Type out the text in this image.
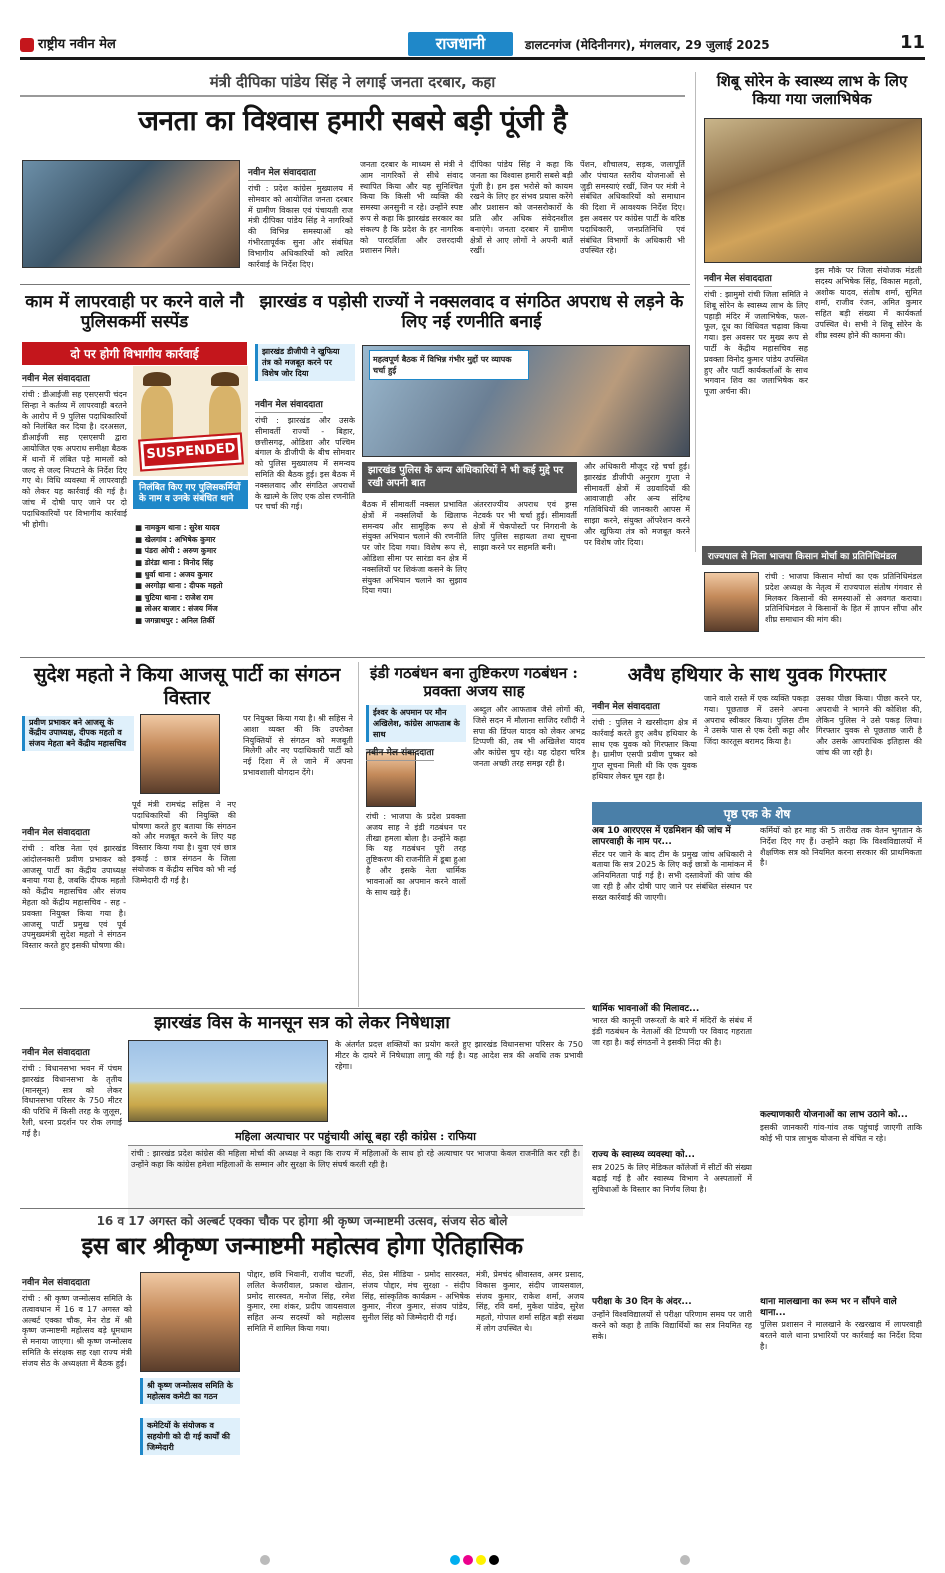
राष्ट्रीय नवीन मेल	राजधानी	डालटनगंज (मेदिनीनगर), मंगलवार, 29 जुलाई 2025	11
मंत्री दीपिका पांडेय सिंह ने लगाई जनता दरबार, कहा
जनता का विश्वास हमारी सबसे बड़ी पूंजी है
नवीन मेल संवाददाता
रांची : प्रदेश कांग्रेस मुख्यालय में सोमवार को आयोजित जनता दरबार में ग्रामीण विकास एवं पंचायती राज मंत्री दीपिका पांडेय सिंह ने नागरिकों की विभिन्न समस्याओं को गंभीरतापूर्वक सुना और संबंधित विभागीय अधिकारियों को त्वरित कार्रवाई के निर्देश दिए।
जनता दरबार के माध्यम से मंत्री ने आम नागरिकों से सीधे संवाद स्थापित किया और यह सुनिश्चित किया कि किसी भी व्यक्ति की समस्या अनसुनी न रहे। उन्होंने स्पष्ट रूप से कहा कि झारखंड सरकार का संकल्प है कि प्रदेश के हर नागरिक को पारदर्शिता और उत्तरदायी प्रशासन मिले।
दीपिका पांडेय सिंह ने कहा कि जनता का विश्वास हमारी सबसे बड़ी पूंजी है। हम इस भरोसे को कायम रखने के लिए हर संभव प्रयास करेंगे और प्रशासन को जनसरोकारों के प्रति और अधिक संवेदनशील बनाएंगे। जनता दरबार में ग्रामीण क्षेत्रों से आए लोगों ने अपनी बातें रखीं।
पेंशन, शौचालय, सड़क, जलापूर्ति और पंचायत स्तरीय योजनाओं से जुड़ी समस्याएं रखीं, जिन पर मंत्री ने संबंधित अधिकारियों को समाधान की दिशा में आवश्यक निर्देश दिए। इस अवसर पर कांग्रेस पार्टी के वरिष्ठ पदाधिकारी, जनप्रतिनिधि एवं संबंधित विभागों के अधिकारी भी उपस्थित रहे।
शिबू सोरेन के स्वास्थ्य लाभ के लिए किया गया जलाभिषेक
नवीन मेल संवाददाता
रांची : झामुमो रांची जिला समिति ने शिबू सोरेन के स्वास्थ्य लाभ के लिए पहाड़ी मंदिर में जलाभिषेक, फल-फूल, दूध का विधिवत चढ़ावा किया गया। इस अवसर पर मुख्य रूप से पार्टी के केंद्रीय महासचिव सह प्रवक्ता विनोद कुमार पांडेय उपस्थित हुए और पार्टी कार्यकर्ताओं के साथ भगवान शिव का जलाभिषेक कर पूजा अर्चना की।
इस मौके पर जिला संयोजक मंडली सदस्य अभिषेक सिंह, विकास महतो, अशोक यादव, संतोष शर्मा, सुमित शर्मा, राजीव रंजन, अमित कुमार सहित बड़ी संख्या में कार्यकर्ता उपस्थित थे। सभी ने शिबू सोरेन के शीघ्र स्वस्थ होने की कामना की।
काम में लापरवाही पर करने वाले नौ पुलिसकर्मी सस्पेंड
दो पर होगी विभागीय कार्रवाई
नवीन मेल संवाददाता
रांची : डीआईजी सह एसएसपी चंदन सिन्हा ने कर्तव्य में लापरवाही बरतने के आरोप में 9 पुलिस पदाधिकारियों को निलंबित कर दिया है। दरअसल, डीआईजी सह एसएसपी द्वारा आयोजित एक अपराध समीक्षा बैठक में थानों में लंबित पड़े मामलों को जल्द से जल्द निपटाने के निर्देश दिए गए थे। विधि व्यवस्था में लापरवाही को लेकर यह कार्रवाई की गई है। जांच में दोषी पाए जाने पर दो पदाधिकारियों पर विभागीय कार्रवाई भी होगी।
SUSPENDED
निलंबित किए गए पुलिसकर्मियों के नाम व उनके संबंधित थाने
■ नामकुम थाना : सुरेश यादव
■ खेलगांव : अभिषेक कुमार
■ पंडरा ओपी : अरुण कुमार
■ डोरंडा थाना : विनोद सिंह
■ धुर्वा थाना : अजय कुमार
■ अरगोड़ा थाना : दीपक महतो
■ चुटिया थाना : राजेश राम
■ लोअर बाजार : संजय मिंज
■ जगन्नाथपुर : अनिल तिर्की
झारखंड व पड़ोसी राज्यों ने नक्सलवाद व संगठित अपराध से लड़ने के लिए नई रणनीति बनाई
झारखंड डीजीपी ने खुफिया तंत्र को मजबूत करने पर विशेष जोर दिया
महत्वपूर्ण बैठक में विभिन्न गंभीर मुद्दों पर व्यापक चर्चा हुई
नवीन मेल संवाददाता
रांची : झारखंड और उसके सीमावर्ती राज्यों - बिहार, छत्तीसगढ़, ओडिशा और पश्चिम बंगाल के डीजीपी के बीच सोमवार को पुलिस मुख्यालय में समन्वय समिति की बैठक हुई। इस बैठक में नक्सलवाद और संगठित अपराधों के खात्मे के लिए एक ठोस रणनीति पर चर्चा की गई।
झारखंड पुलिस के अन्य अधिकारियों ने भी कई मुद्दे पर रखी अपनी बात
बैठक में सीमावर्ती नक्सल प्रभावित क्षेत्रों में नक्सलियों के खिलाफ समन्वय और सामूहिक रूप से संयुक्त अभियान चलाने की रणनीति पर जोर दिया गया। विशेष रूप से, ओडिशा सीमा पर सारंडा वन क्षेत्र में नक्सलियों पर शिकंजा कसने के लिए संयुक्त अभियान चलाने का सुझाव दिया गया।
अंतरराज्यीय अपराध एवं ड्रग्स नेटवर्क पर भी चर्चा हुई। सीमावर्ती क्षेत्रों में चेकपोस्टों पर निगरानी के लिए पुलिस सहायता तथा सूचना साझा करने पर सहमति बनी।
और अधिकारी मौजूद रहे चर्चा हुई। झारखंड डीजीपी अनुराग गुप्ता ने सीमावर्ती क्षेत्रों में उग्रवादियों की आवाजाही और अन्य संदिग्ध गतिविधियों की जानकारी आपस में साझा करने, संयुक्त ऑपरेशन करने और खुफिया तंत्र को मजबूत करने पर विशेष जोर दिया।
राज्यपाल से मिला भाजपा किसान मोर्चा का प्रतिनिधिमंडल
रांची : भाजपा किसान मोर्चा का एक प्रतिनिधिमंडल प्रदेश अध्यक्ष के नेतृत्व में राज्यपाल संतोष गंगवार से मिलकर किसानों की समस्याओं से अवगत कराया। प्रतिनिधिमंडल ने किसानों के हित में ज्ञापन सौंपा और शीघ्र समाधान की मांग की।
सुदेश महतो ने किया आजसू पार्टी का संगठन विस्तार
प्रवीण प्रभाकर बने आजसू के केंद्रीय उपाध्यक्ष, दीपक महतो व संजय मेहता बने केंद्रीय महासचिव
नवीन मेल संवाददाता
रांची : वरिष्ठ नेता एवं झारखंड आंदोलनकारी प्रवीण प्रभाकर को आजसू पार्टी का केंद्रीय उपाध्यक्ष बनाया गया है, जबकि दीपक महतो को केंद्रीय महासचिव और संजय मेहता को केंद्रीय महासचिव - सह - प्रवक्ता नियुक्त किया गया है। आजसू पार्टी प्रमुख एवं पूर्व उपमुख्यमंत्री सुदेश महतो ने संगठन विस्तार करते हुए इसकी घोषणा की।
पूर्व मंत्री रामचंद्र सहिस ने नए पदाधिकारियों की नियुक्ति की घोषणा करते हुए बताया कि संगठन को और मजबूत करने के लिए यह विस्तार किया गया है। युवा एवं छात्र इकाई : छात्र संगठन के जिला संयोजक व केंद्रीय सचिव को भी नई जिम्मेदारी दी गई है।
पर नियुक्त किया गया है। श्री सहिस ने आशा व्यक्त की कि उपरोक्त नियुक्तियों से संगठन को मजबूती मिलेगी और नए पदाधिकारी पार्टी को नई दिशा में ले जाने में अपना प्रभावशाली योगदान देंगे।
इंडी गठबंधन बना तुष्टिकरण गठबंधन : प्रवक्ता अजय साह
ईश्वर के अपमान पर मौन अखिलेश, कांग्रेस आफताब के साथ
नवीन मेल संवाददाता
रांची : भाजपा के प्रदेश प्रवक्ता अजय साह ने इंडी गठबंधन पर तीखा हमला बोला है। उन्होंने कहा कि यह गठबंधन पूरी तरह तुष्टिकरण की राजनीति में डूबा हुआ है और इसके नेता धार्मिक भावनाओं का अपमान करने वालों के साथ खड़े हैं।
अब्दुल और आफताब जैसे लोगों की, जिसे सदन में मौलाना साजिद रशीदी ने सपा की डिंपल यादव को लेकर अभद्र टिप्पणी की, तब भी अखिलेश यादव और कांग्रेस चुप रहे। यह दोहरा चरित्र जनता अच्छी तरह समझ रही है।
अवैध हथियार के साथ युवक गिरफ्तार
नवीन मेल संवाददाता
रांची : पुलिस ने खरसीदाग क्षेत्र में कार्रवाई करते हुए अवैध हथियार के साथ एक युवक को गिरफ्तार किया है। ग्रामीण एसपी प्रवीण पुष्कर को गुप्त सूचना मिली थी कि एक युवक हथियार लेकर घूम रहा है।
जाने वाले रास्ते में एक व्यक्ति पकड़ा गया। पूछताछ में उसने अपना अपराध स्वीकार किया। पुलिस टीम ने उसके पास से एक देसी कट्टा और जिंदा कारतूस बरामद किया है।
उसका पीछा किया। पीछा करने पर, अपराधी ने भागने की कोशिश की, लेकिन पुलिस ने उसे पकड़ लिया। गिरफ्तार युवक से पूछताछ जारी है और उसके आपराधिक इतिहास की जांच की जा रही है।
पृष्ठ एक के शेष
अब 10 आरएएस में एडमिशन की जांच में लापरवाही के नाम पर...
सेंटर पर जाने के बाद टीम के प्रमुख जांच अधिकारी ने बताया कि सत्र 2025 के लिए कई छात्रों के नामांकन में अनियमितता पाई गई है। सभी दस्तावेजों की जांच की जा रही है और दोषी पाए जाने पर संबंधित संस्थान पर सख्त कार्रवाई की जाएगी।
धार्मिक भावनाओं की मिलावट...
भारत की कानूनी जरूरतों के बारे में मंदिरों के संबंध में इंडी गठबंधन के नेताओं की टिप्पणी पर विवाद गहराता जा रहा है। कई संगठनों ने इसकी निंदा की है।
राज्य के स्वास्थ्य व्यवस्था को...
सत्र 2025 के लिए मेडिकल कॉलेजों में सीटों की संख्या बढ़ाई गई है और स्वास्थ्य विभाग ने अस्पतालों में सुविधाओं के विस्तार का निर्णय लिया है।
परीक्षा के 30 दिन के अंदर...
उन्होंने विश्वविद्यालयों से परीक्षा परिणाम समय पर जारी करने को कहा है ताकि विद्यार्थियों का सत्र नियमित रह सके।
कर्मियों को हर माह की 5 तारीख तक वेतन भुगतान के निर्देश दिए गए हैं। उन्होंने कहा कि विश्वविद्यालयों में शैक्षणिक सत्र को नियमित करना सरकार की प्राथमिकता है।
कल्याणकारी योजनाओं का लाभ उठाने को...
इसकी जानकारी गांव-गांव तक पहुंचाई जाएगी ताकि कोई भी पात्र लाभुक योजना से वंचित न रहे।
थाना मालखाना का रूम भर न सौंपने वाले थाना...
पुलिस प्रशासन ने मालखाने के रखरखाव में लापरवाही बरतने वाले थाना प्रभारियों पर कार्रवाई का निर्देश दिया है।
झारखंड विस के मानसून सत्र को लेकर निषेधाज्ञा
नवीन मेल संवाददाता
रांची : विधानसभा भवन में पंचम झारखंड विधानसभा के तृतीय (मानसून) सत्र को लेकर विधानसभा परिसर के 750 मीटर की परिधि में किसी तरह के जुलूस, रैली, धरना प्रदर्शन पर रोक लगाई गई है।
के अंतर्गत प्रदत्त शक्तियों का प्रयोग करते हुए झारखंड विधानसभा परिसर के 750 मीटर के दायरे में निषेधाज्ञा लागू की गई है। यह आदेश सत्र की अवधि तक प्रभावी रहेगा।
महिला अत्याचार पर पहुंचायी आंसू बहा रही कांग्रेस : राफिया
रांची : झारखंड प्रदेश कांग्रेस की महिला मोर्चा की अध्यक्ष ने कहा कि राज्य में महिलाओं के साथ हो रहे अत्याचार पर भाजपा केवल राजनीति कर रही है। उन्होंने कहा कि कांग्रेस हमेशा महिलाओं के सम्मान और सुरक्षा के लिए संघर्ष करती रही है।
16 व 17 अगस्त को अल्बर्ट एक्का चौक पर होगा श्री कृष्ण जन्माष्टमी उत्सव, संजय सेठ बोले
इस बार श्रीकृष्ण जन्माष्टमी महोत्सव होगा ऐतिहासिक
नवीन मेल संवाददाता
रांची : श्री कृष्ण जन्मोत्सव समिति के तत्वावधान में 16 व 17 अगस्त को अल्बर्ट एक्का चौक, मेन रोड में श्री कृष्ण जन्माष्टमी महोत्सव बड़े धूमधाम से मनाया जाएगा। श्री कृष्ण जन्मोत्सव समिति के संरक्षक सह रक्षा राज्य मंत्री संजय सेठ के अध्यक्षता में बैठक हुई।
श्री कृष्ण जन्मोत्सव समिति के महोत्सव कमेटी का गठन
कमेटियों के संयोजक व सहयोगी को दी गई कार्यों की जिम्मेदारी
पोद्दार, छवि भिवानी, राजीव चटर्जी, ललित केजरीवाल, प्रकाश खेतान, प्रमोद सारस्वत, मनोज सिंह, रमेश कुमार, रमा शंकर, प्रदीप जायसवाल सहित अन्य सदस्यों को महोत्सव समिति में शामिल किया गया।
सेठ, प्रेस मीडिया - प्रमोद सारस्वत, संजय पोद्दार, मंच सुरक्षा - संदीप सिंह, सांस्कृतिक कार्यक्रम - अभिषेक कुमार, नीरज कुमार, संजय पांडेय, सुनील सिंह को जिम्मेदारी दी गई।
मंत्री, प्रेमचंद श्रीवास्तव, अमर प्रसाद, विकास कुमार, संदीप जायसवाल, संजय कुमार, राकेश शर्मा, अजय सिंह, रवि वर्मा, मुकेश पांडेय, सुरेश महतो, गोपाल शर्मा सहित बड़ी संख्या में लोग उपस्थित थे।
